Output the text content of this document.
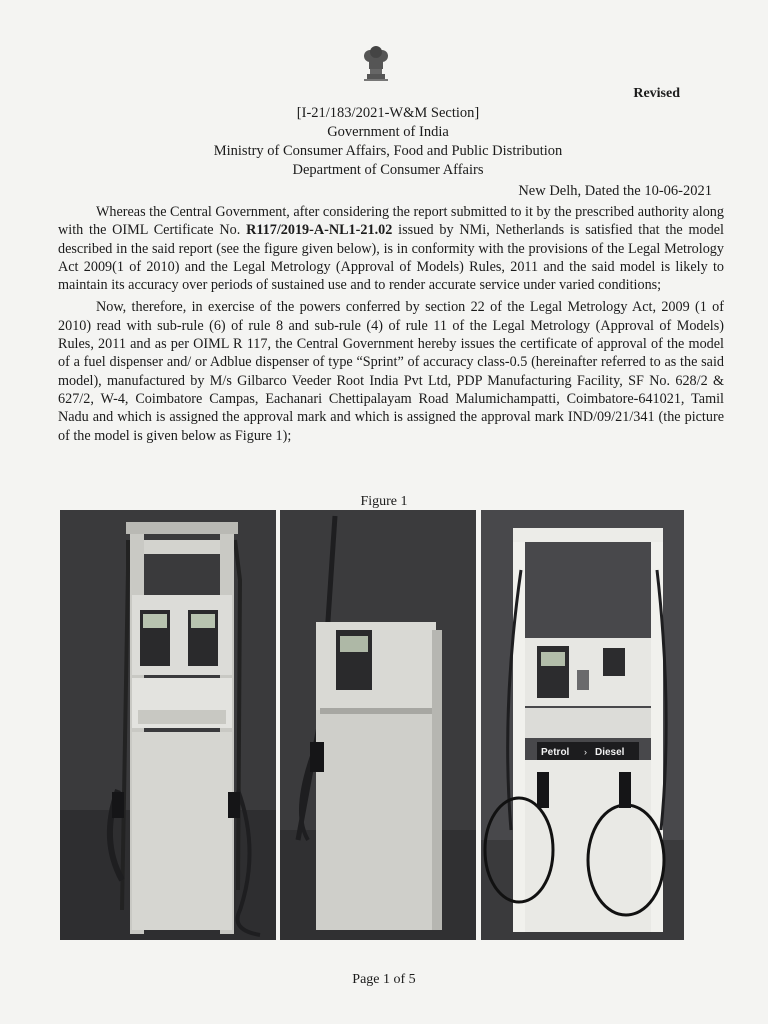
Revised
[I-21/183/2021-W&M Section]
Government of India
Ministry of Consumer Affairs, Food and Public Distribution
Department of Consumer Affairs
New Delh, Dated the 10-06-2021

Whereas the Central Government, after considering the report submitted to it by the prescribed authority along with the OIML Certificate No. R117/2019-A-NL1-21.02 issued by NMi, Netherlands is satisfied that the model described in the said report (see the figure given below), is in conformity with the provisions of the Legal Metrology Act 2009(1 of 2010) and the Legal Metrology (Approval of Models) Rules, 2011 and the said model is likely to maintain its accuracy over periods of sustained use and to render accurate service under varied conditions;

Now, therefore, in exercise of the powers conferred by section 22 of the Legal Metrology Act, 2009 (1 of 2010) read with sub-rule (6) of rule 8 and sub-rule (4) of rule 11 of the Legal Metrology (Approval of Models) Rules, 2011 and as per OIML R 117, the Central Government hereby issues the certificate of approval of the model of a fuel dispenser and/ or Adblue dispenser of type “Sprint” of accuracy class-0.5 (hereinafter referred to as the said model), manufactured by M/s Gilbarco Veeder Root India Pvt Ltd, PDP Manufacturing Facility, SF No. 628/2 & 627/2, W-4, Coimbatore Campas, Eachanari Chettipalayam Road Malumichampatti, Coimbatore-641021, Tamil Nadu and which is assigned the approval mark and which is assigned the approval mark IND/09/21/341 (the picture of the model is given below as Figure 1);

Figure 1
Petrol › Diesel
Page 1 of 5
